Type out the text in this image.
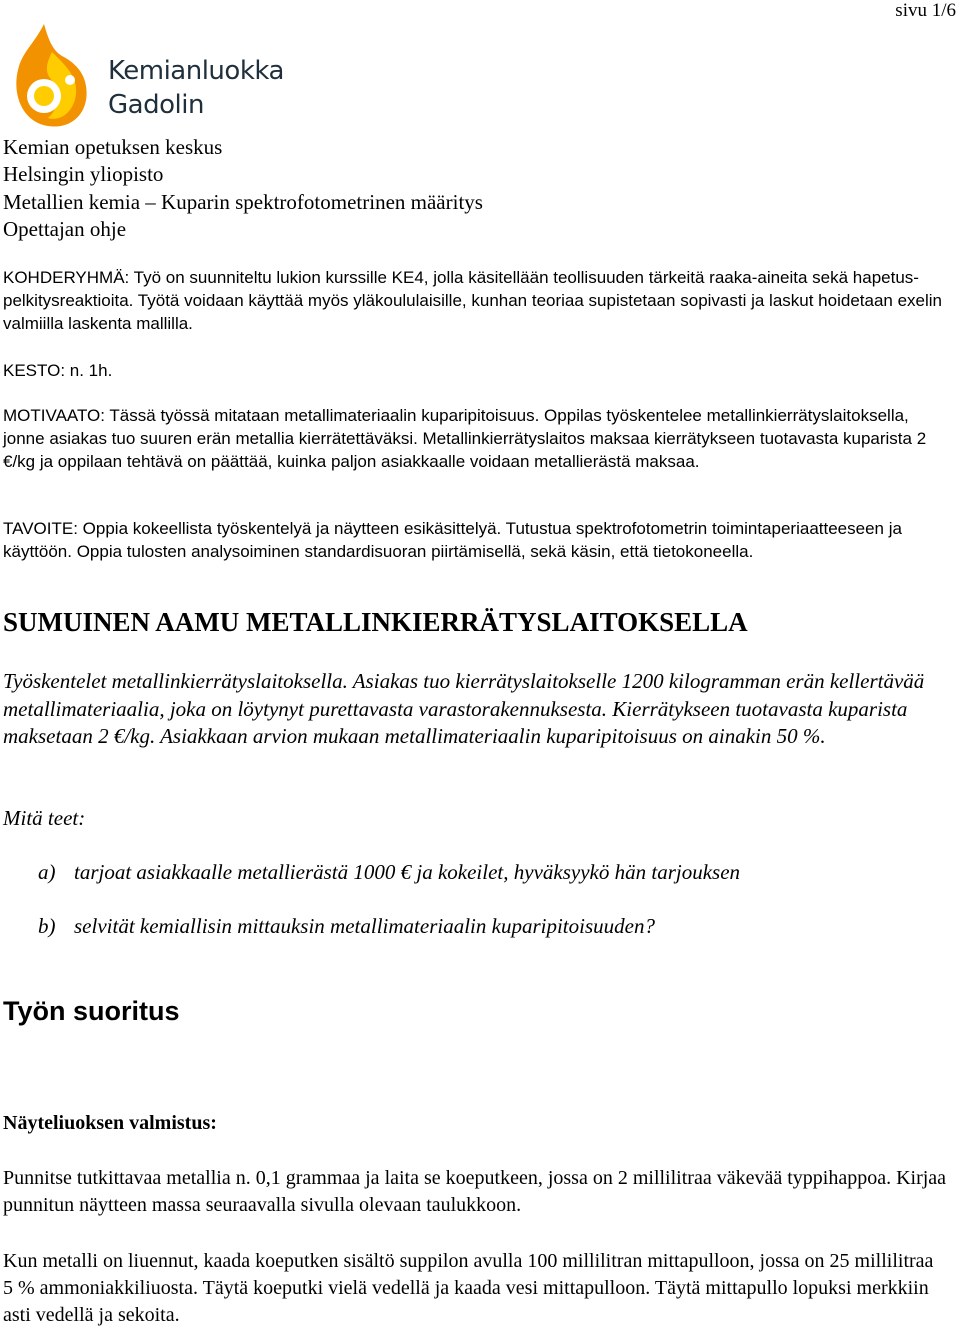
sivu 1/6
Kemianluokka
Gadolin
Kemian opetuksen keskus
Helsingin yliopisto
Metallien kemia – Kuparin spektrofotometrinen määritys
Opettajan ohje

KOHDERYHMÄ: Työ on suunniteltu lukion kurssille KE4, jolla käsitellään teollisuuden tärkeitä raaka-aineita sekä hapetus-pelkitysreaktioita. Työtä voidaan käyttää myös yläkoululaisille, kunhan teoriaa supistetaan sopivasti ja laskut hoidetaan exelin valmiilla laskenta mallilla.

KESTO: n. 1h.

MOTIVAATO: Tässä työssä mitataan metallimateriaalin kuparipitoisuus. Oppilas työskentelee metallinkierrätyslaitoksella, jonne asiakas tuo suuren erän metallia kierrätettäväksi. Metallinkierrätyslaitos maksaa kierrätykseen tuotavasta kuparista 2 €/kg ja oppilaan tehtävä on päättää, kuinka paljon asiakkaalle voidaan metallierästä maksaa.

TAVOITE: Oppia kokeellista työskentelyä ja näytteen esikäsittelyä. Tutustua spektrofotometrin toimintaperiaatteeseen ja käyttöön. Oppia tulosten analysoiminen standardisuoran piirtämisellä, sekä käsin, että tietokoneella.

SUMUINEN AAMU METALLINKIERRÄTYSLAITOKSELLA

Työskentelet metallinkierrätyslaitoksella. Asiakas tuo kierrätyslaitokselle 1200 kilogramman erän kellertävää metallimateriaalia, joka on löytynyt purettavasta varastorakennuksesta. Kierrätykseen tuotavasta kuparista maksetaan 2 €/kg. Asiakkaan arvion mukaan metallimateriaalin kuparipitoisuus on ainakin 50 %.

Mitä teet:

a) tarjoat asiakkaalle metallierästä 1000 € ja kokeilet, hyväksyykö hän tarjouksen
b) selvität kemiallisin mittauksin metallimateriaalin kuparipitoisuuden?
Työn suoritus
Näyteliuoksen valmistus:

Punnitse tutkittavaa metallia n. 0,1 grammaa ja laita se koeputkeen, jossa on 2 millilitraa väkevää typpihappoa. Kirjaa punnitun näytteen massa seuraavalla sivulla olevaan taulukkoon.

Kun metalli on liuennut, kaada koeputken sisältö suppilon avulla 100 millilitran mittapulloon, jossa on 25 millilitraa 5 % ammoniakkiliuosta. Täytä koeputki vielä vedellä ja kaada vesi mittapulloon. Täytä mittapullo lopuksi merkkiin asti vedellä ja sekoita.
